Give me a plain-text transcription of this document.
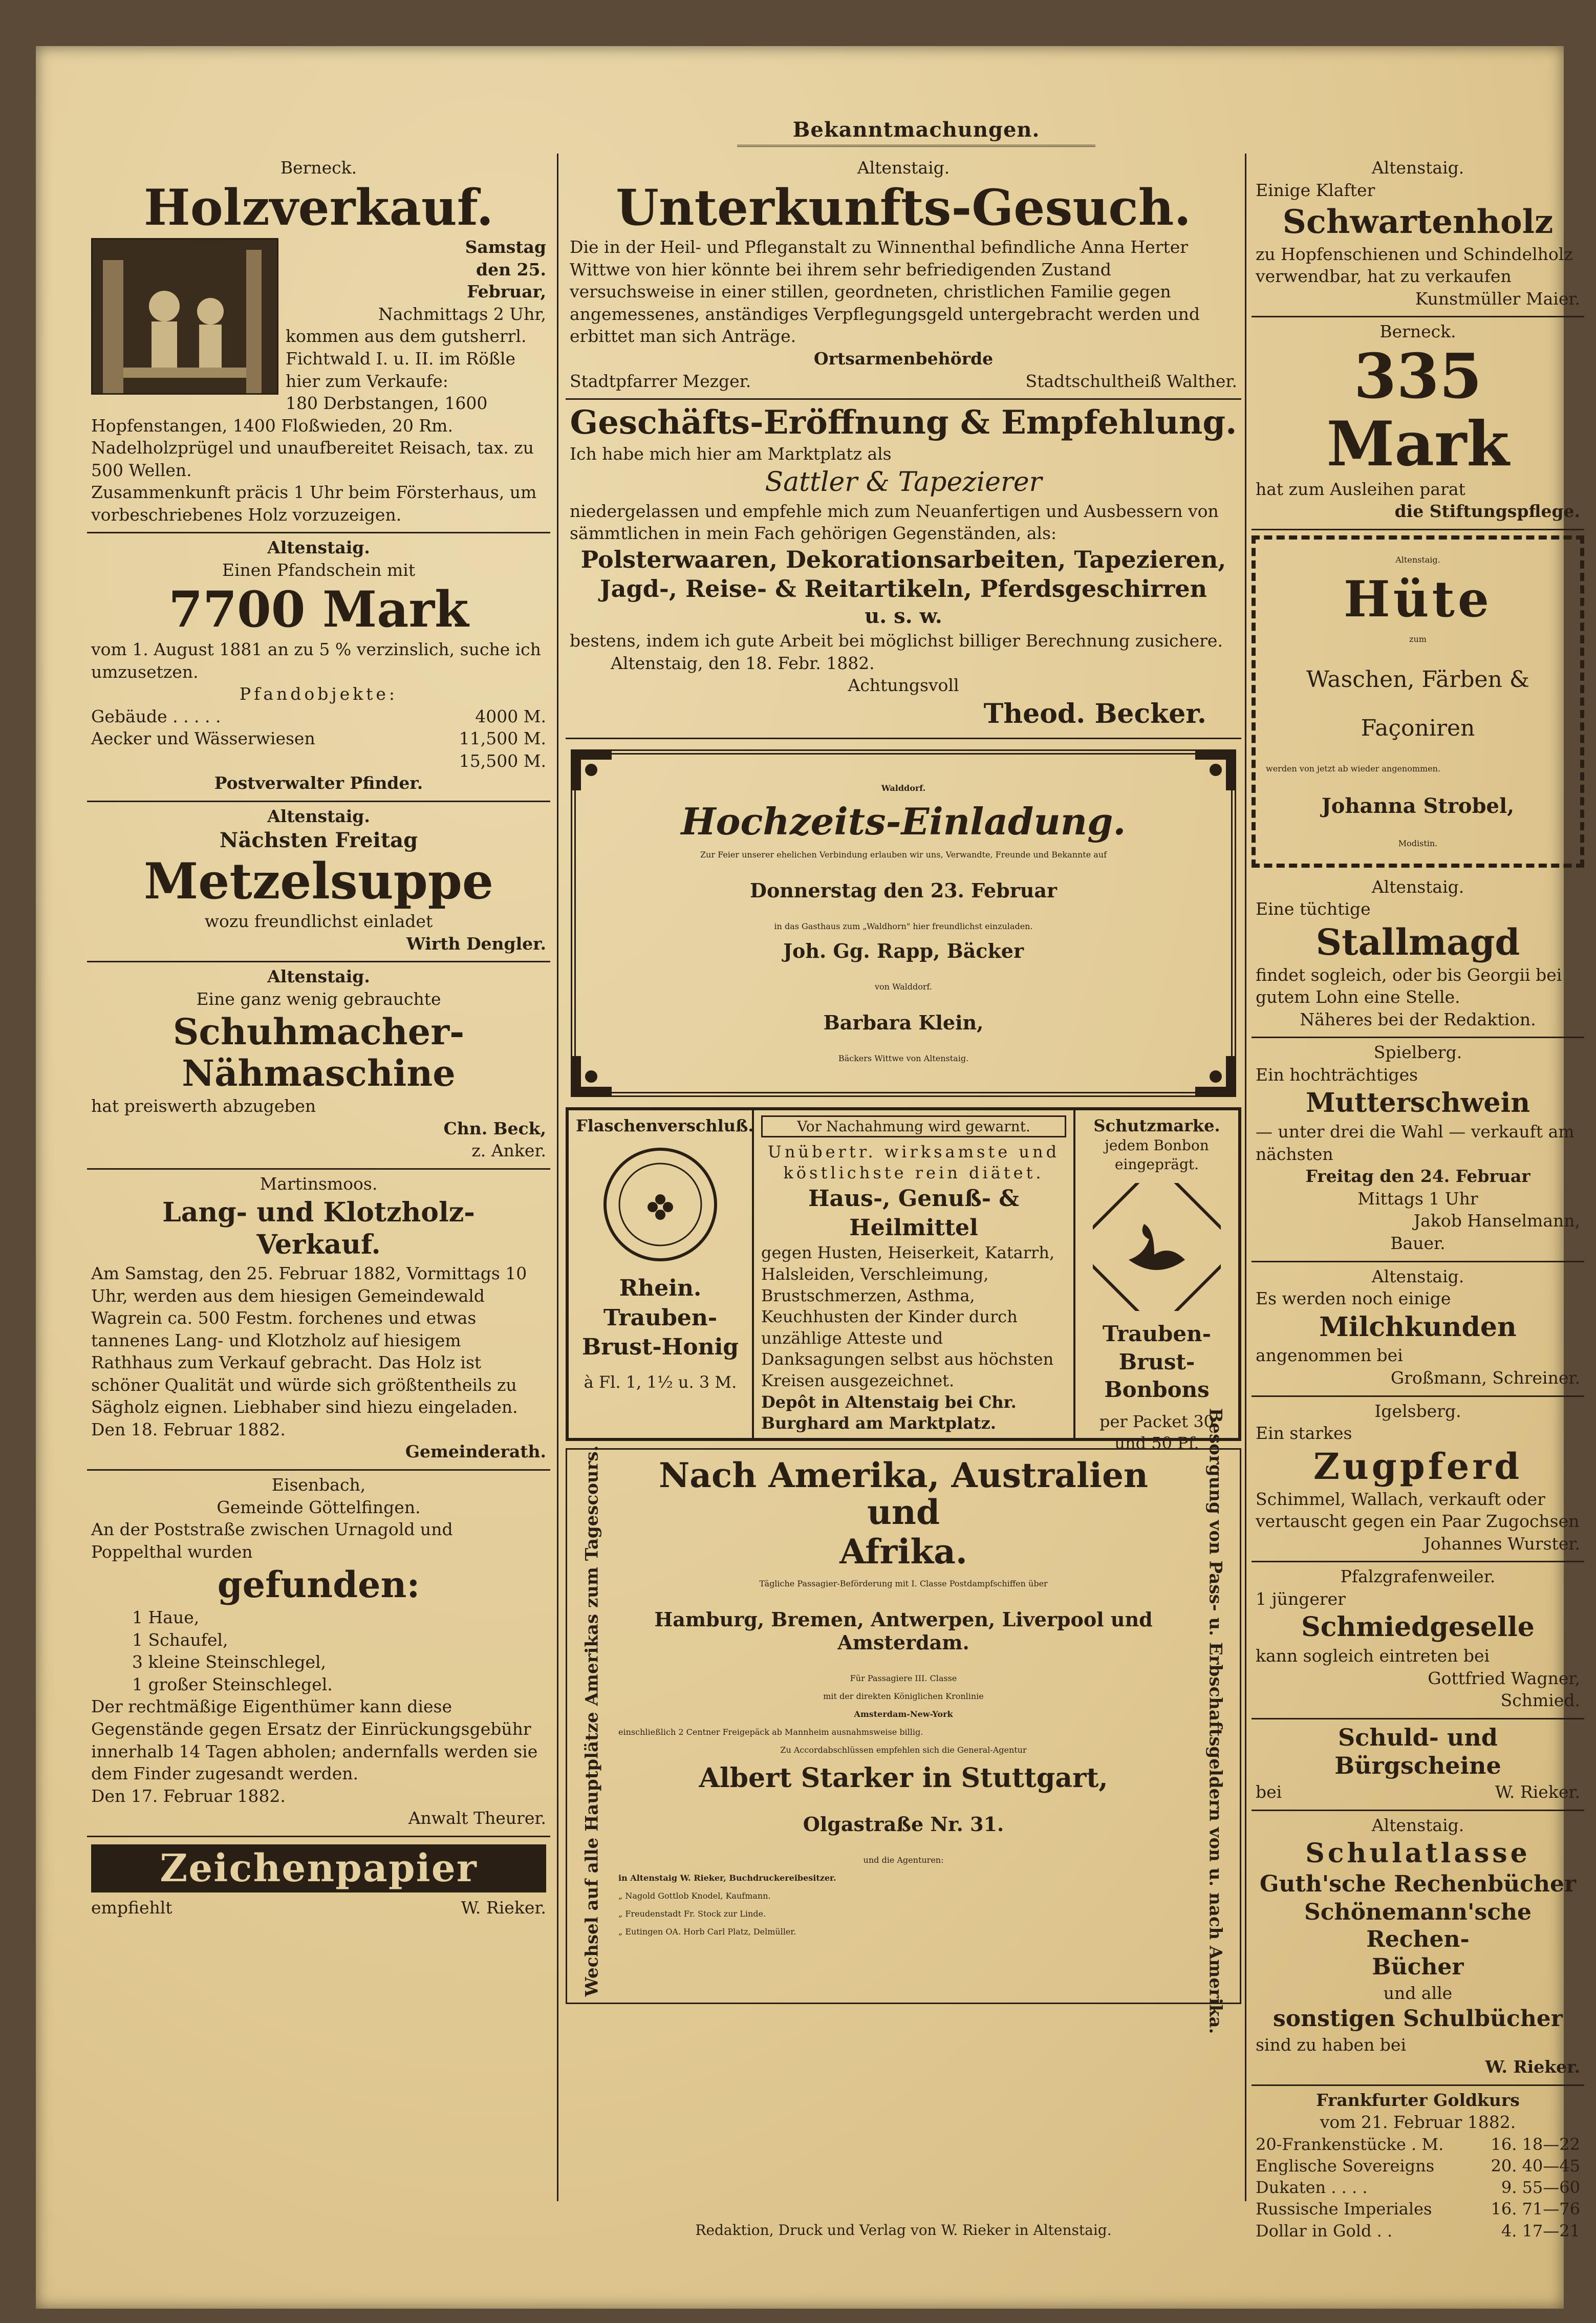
Bekanntmachungen.

Berneck.

Holzverkauf.

Samstag

den 25.

Februar,

Nachmittags 2 Uhr,

kommen aus dem gutsherrl. Fichtwald I. u. II. im Rößle hier zum Verkaufe:

180 Derbstangen, 1600 Hopfenstangen, 1400 Floßwieden, 20 Rm. Nadelholzprügel und unaufbereitet Reisach, tax. zu 500 Wellen.

Zusammenkunft präcis 1 Uhr beim Försterhaus, um vorbeschriebenes Holz vorzuzeigen.

Altenstaig.

Einen Pfandschein mit

7700 Mark

vom 1. August 1881 an zu 5 % verzinslich, suche ich umzusetzen.

Pfandobjekte:

Gebäude . . . . .	4000 M.
Aecker und Wässerwiesen	11,500 M.

15,500 M.

Postverwalter Pfinder.

Altenstaig.

Nächsten Freitag
Metzelsuppe

wozu freundlichst einladet

Wirth Dengler.

Altenstaig.

Eine ganz wenig gebrauchte

Schuhmacher-
Nähmaschine

hat preiswerth abzugeben

Chn. Beck,

z. Anker.

Martinsmoos.

Lang- und Klotzholz-
Verkauf.

Am Samstag, den 25. Februar 1882, Vormittags 10 Uhr, werden aus dem hiesigen Gemeindewald Wagrein ca. 500 Festm. forchenes und etwas tannenes Lang- und Klotzholz auf hiesigem Rathhaus zum Verkauf gebracht. Das Holz ist schöner Qualität und würde sich größtentheils zu Sägholz eignen. Liebhaber sind hiezu eingeladen.

Den 18. Februar 1882.

Gemeinderath.

Eisenbach,

Gemeinde Göttelfingen.

An der Poststraße zwischen Urnagold und Poppelthal wurden

gefunden:

1 Haue,

1 Schaufel,

3 kleine Steinschlegel,

1 großer Steinschlegel.

Der rechtmäßige Eigenthümer kann diese Gegenstände gegen Ersatz der Einrückungsgebühr innerhalb 14 Tagen abholen; andernfalls werden sie dem Finder zugesandt werden.

Den 17. Februar 1882.

Anwalt Theurer.

Zeichenpapier
empfiehlt	W. Rieker.

Altenstaig.

Unterkunfts-Gesuch.

Die in der Heil- und Pfleganstalt zu Winnenthal befindliche Anna Herter Wittwe von hier könnte bei ihrem sehr befriedigenden Zustand versuchsweise in einer stillen, geordneten, christlichen Familie gegen angemessenes, anständiges Verpflegungsgeld untergebracht werden und erbittet man sich Anträge.

Ortsarmenbehörde

Stadtpfarrer Mezger.	Stadtschultheiß Walther.
Geschäfts-Eröffnung & Empfehlung.

Ich habe mich hier am Marktplatz als

Sattler & Tapezierer

niedergelassen und empfehle mich zum Neuanfertigen und Ausbessern von sämmtlichen in mein Fach gehörigen Gegenständen, als:

Polsterwaaren, Dekorationsarbeiten, Tapezieren,
Jagd-, Reise- & Reitartikeln, Pferdsgeschirren
u. s. w.

bestens, indem ich gute Arbeit bei möglichst billiger Berechnung zusichere.

Altenstaig, den 18. Febr. 1882.

Achtungsvoll

Theod. Becker.

Walddorf.

Hochzeits-Einladung.

Zur Feier unserer ehelichen Verbindung erlauben wir uns, Verwandte, Freunde und Bekannte auf

Donnerstag den 23. Februar

in das Gasthaus zum „Waldhorn" hier freundlichst einzuladen.

Joh. Gg. Rapp, Bäcker

von Walddorf.

Barbara Klein,

Bäckers Wittwe von Altenstaig.

Flaschenverschluß.

Rhein. Trauben-Brust-Honig

à Fl. 1, 1½ u. 3 M.

Vor Nachahmung wird gewarnt.

Unübertr. wirksamste und köstlichste rein diätet.

Haus-, Genuß- & Heilmittel

gegen Husten, Heiserkeit, Katarrh, Halsleiden, Verschleimung, Brustschmerzen, Asthma, Keuchhusten der Kinder durch unzählige Atteste und Danksagungen selbst aus höchsten Kreisen ausgezeichnet.

Depôt in Altenstaig bei Chr. Burghard am Marktplatz.

Schutzmarke.

jedem Bonbon eingeprägt.

Trauben-Brust-Bonbons

per Packet 30 und 50 Pf.

Wechsel auf alle Hauptplätze Amerikas zum Tagescours.	Besorgung von Pass- u. Erbschaftsgeldern von u. nach Amerika.
Nach Amerika, Australien und
Afrika.

Tägliche Passagier-Beförderung mit I. Classe Postdampfschiffen über

Hamburg, Bremen, Antwerpen, Liverpool und Amsterdam.

Für Passagiere III. Classe

mit der direkten Königlichen Kronlinie

Amsterdam-New-York

einschließlich 2 Centner Freigepäck ab Mannheim ausnahmsweise billig.

Zu Accordabschlüssen empfehlen sich die General-Agentur

Albert Starker in Stuttgart,

Olgastraße Nr. 31.

und die Agenturen:

in Altenstaig W. Rieker, Buchdruckereibesitzer.

„ Nagold Gottlob Knodel, Kaufmann.

„ Freudenstadt Fr. Stock zur Linde.

„ Eutingen OA. Horb Carl Platz, Delmüller.

Altenstaig.

Einige Klafter

Schwartenholz

zu Hopfenschienen und Schindelholz verwendbar, hat zu verkaufen

Kunstmüller Maier.

Berneck.

335 Mark

hat zum Ausleihen parat

die Stiftungspflege.

Altenstaig.

Hüte

zum

Waschen, Färben &

Façoniren

werden von jetzt ab wieder angenommen.

Johanna Strobel,

Modistin.

Altenstaig.

Eine tüchtige

Stallmagd

findet sogleich, oder bis Georgii bei gutem Lohn eine Stelle.

Näheres bei der Redaktion.

Spielberg.

Ein hochträchtiges

Mutterschwein

— unter drei die Wahl — verkauft am nächsten

Freitag den 24. Februar

Mittags 1 Uhr

Jakob Hanselmann,

Bauer.

Altenstaig.

Es werden noch einige

Milchkunden

angenommen bei

Großmann, Schreiner.

Igelsberg.

Ein starkes

Zugpferd

Schimmel, Wallach, verkauft oder vertauscht gegen ein Paar Zugochsen

Johannes Wurster.

Pfalzgrafenweiler.

1 jüngerer

Schmiedgeselle

kann sogleich eintreten bei

Gottfried Wagner,

Schmied.

Schuld- und Bürgscheine
bei	W. Rieker.

Altenstaig.

Schulatlasse
Guth'sche Rechenbücher
Schönemann'sche Rechen-
Bücher

und alle

sonstigen Schulbücher

sind zu haben bei

W. Rieker.

Frankfurter Goldkurs

vom 21. Februar 1882.

20-Frankenstücke . M.	16. 18—22
Englische Sovereigns	20. 40—45
Dukaten . . . .	9. 55—60
Russische Imperiales	16. 71—76
Dollar in Gold . .	4. 17—21
Redaktion, Druck und Verlag von W. Rieker in Altenstaig.
